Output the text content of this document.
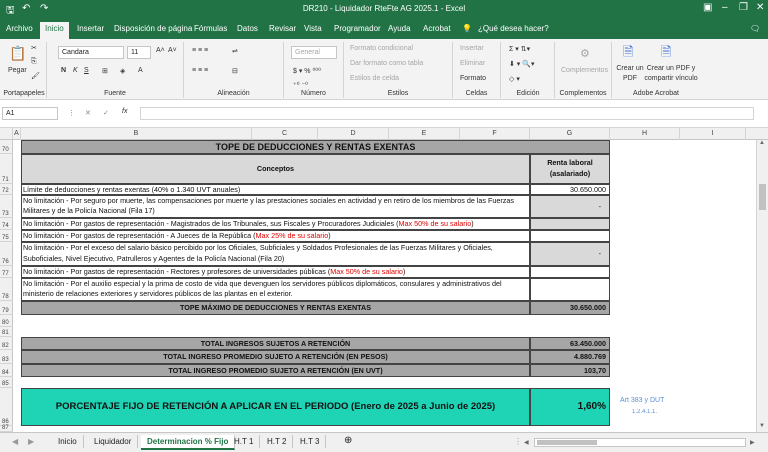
🖫 ↶ ↷	DR210 - Liquidador RteFte AG 2025.1 - Excel	▣ – ❐ ✕
Archivo	Inicio	Insertar Disposición de página Fórmulas Datos Revisar Vista Programador Ayuda Acrobat 💡 ¿Qué desea hacer?	🗨
📋
Pegar
✂
⎘
🖌
Candara	11	A˄ A˅
N K S ⊞ ◈ A
≡ ≡ ≡
≡ ≡ ≡
⇌
⊟
General
$ ▾ % ⁰⁰⁰
⁺⁰ ⁻⁰
Formato condicional
Dar formato como tabla
Estilos de celda
Insertar
Eliminar
Formato
Σ ▾ ⇅▾
⬇ ▾ 🔍▾
◇ ▾
⚙
Complementos
🗎
Crear un PDF
🗎
Crear un PDF y compartir vínculo
Portapapeles	Fuente	Alineación	Número	Estilos	Celdas	Edición	Complementos	Adobe Acrobat
A1	⋮ ✕ ✓ fx
A	B	C	D	E	F	G	H	I
70
71
72
73
74
75
76
77
78
79
80
81
82
83
84
85
86
87
TOPE DE DEDUCCIONES Y RENTAS EXENTAS
Conceptos
Renta laboral
(asalariado)
Límite de deducciones y rentas exentas (40% o 1.340 UVT anuales)	30.650.000
No limitación - Por seguro por muerte, las compensaciones por muerte y las prestaciones sociales en actividad y en retiro de los miembros de las Fuerzas Militares y de la Policía Nacional (Fila 17)	-
No limitación - Por gastos de representación - Magistrados de los Tribunales, sus Fiscales y Procuradores Judiciales (Max 50% de su salario)
No limitación - Por gastos de representación - A Jueces de la República (Max 25% de su salario)
No limitación - Por el exceso del salario básico percibido por los Oficiales, Subficiales y Soldados Profesionales de las Fuerzas Militares y Oficiales, Suboficiales, Nivel Ejecutivo, Patrulleros y Agentes de la Policía Nacional (Fila 20)	-
No limitación - Por gastos de representación - Rectores y profesores de universidades públicas (Max 50% de su salario)
No limitación - Por el auxilio especial y la prima de costo de vida que devenguen los servidores públicos diplomáticos, consulares y administrativos del ministerio de relaciones exteriores y servidores públicos de las plantas en el exterior.
TOPE MÁXIMO DE DEDUCCIONES Y RENTAS EXENTAS	30.650.000
TOTAL INGRESOS SUJETOS A RETENCIÓN	63.450.000
TOTAL INGRESO PROMEDIO SUJETO A RETENCIÓN (EN PESOS)	4.880.769
TOTAL INGRESO PROMEDIO SUJETO A RETENCIÓN (EN UVT)	103,70
PORCENTAJE FIJO DE RETENCIÓN A APLICAR EN EL PERIODO (Enero de 2025 a Junio de 2025)	1,60%
Art 383 y DUT
1.2.4.1.1.
▲
▼
◀	▶	Inicio	Liquidador	Determinacion % Fijo H.T 1	H.T 2	H.T 3	⊕	⋮ ◀	▶
